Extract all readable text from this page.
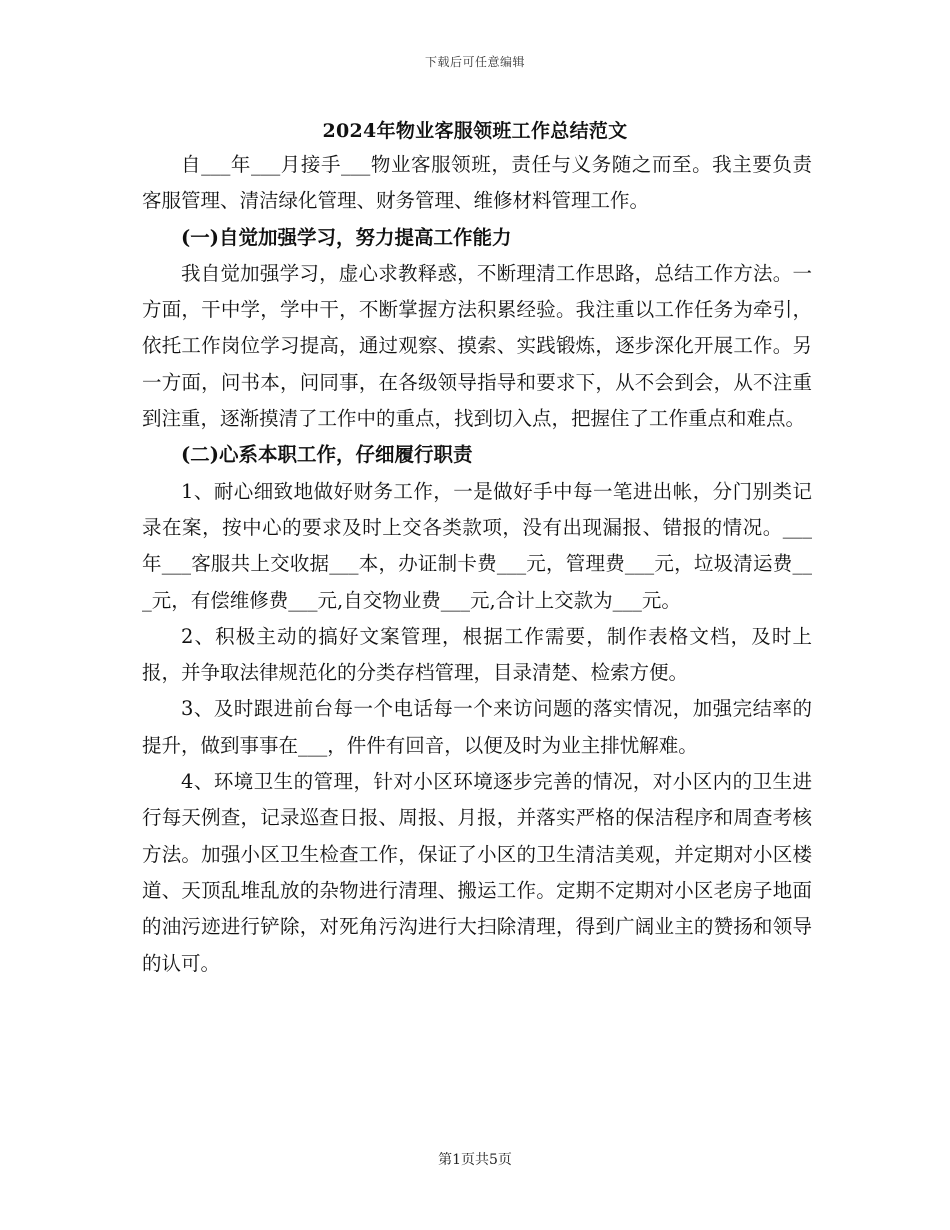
下载后可任意编辑
2024年物业客服领班工作总结范文

自___年___月接手___物业客服领班，责任与义务随之而至。我主要负责客服管理、清洁绿化管理、财务管理、维修材料管理工作。

(一)自觉加强学习，努力提高工作能力

我自觉加强学习，虚心求教释惑，不断理清工作思路，总结工作方法。一方面，干中学，学中干，不断掌握方法积累经验。我注重以工作任务为牵引，依托工作岗位学习提高，通过观察、摸索、实践锻炼，逐步深化开展工作。另一方面，问书本，问同事，在各级领导指导和要求下，从不会到会，从不注重到注重，逐渐摸清了工作中的重点，找到切入点，把握住了工作重点和难点。

(二)心系本职工作，仔细履行职责

1、耐心细致地做好财务工作，一是做好手中每一笔进出帐，分门别类记录在案，按中心的要求及时上交各类款项，没有出现漏报、错报的情况。___年___客服共上交收据___本，办证制卡费___元，管理费___元，垃圾清运费___元，有偿维修费___元,自交物业费___元,合计上交款为___元。

2、积极主动的搞好文案管理，根据工作需要，制作表格文档，及时上报，并争取法律规范化的分类存档管理，目录清楚、检索方便。

3、及时跟进前台每一个电话每一个来访问题的落实情况，加强完结率的提升，做到事事在___，件件有回音，以便及时为业主排忧解难。

4、环境卫生的管理，针对小区环境逐步完善的情况，对小区内的卫生进行每天例查，记录巡查日报、周报、月报，并落实严格的保洁程序和周查考核方法。加强小区卫生检查工作，保证了小区的卫生清洁美观，并定期对小区楼道、天顶乱堆乱放的杂物进行清理、搬运工作。定期不定期对小区老房子地面的油污迹进行铲除，对死角污沟进行大扫除清理，得到广阔业主的赞扬和领导的认可。

第1页共5页
